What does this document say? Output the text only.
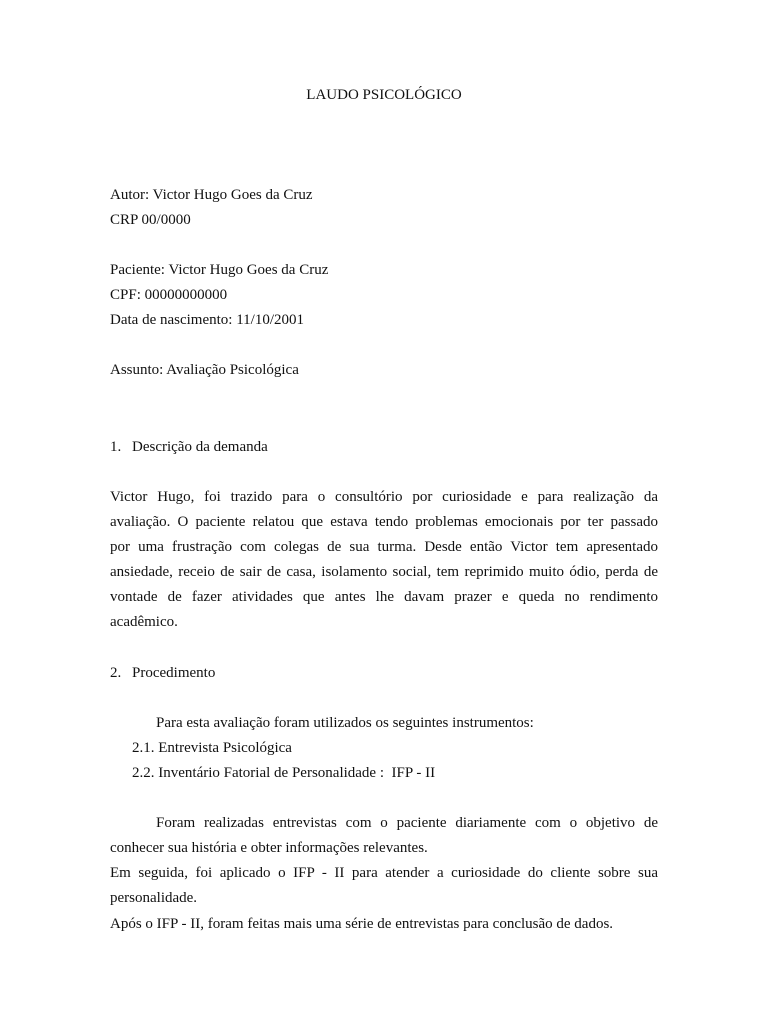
LAUDO PSICOLÓGICO
Autor: Victor Hugo Goes da Cruz
CRP 00/0000
Paciente: Victor Hugo Goes da Cruz
CPF: 00000000000
Data de nascimento: 11/10/2001
Assunto: Avaliação Psicológica
1. Descrição da demanda
Victor Hugo, foi trazido para o consultório por curiosidade e para realização da
avaliação. O paciente relatou que estava tendo problemas emocionais por ter passado
por uma frustração com colegas de sua turma. Desde então Victor tem apresentado
ansiedade, receio de sair de casa, isolamento social, tem reprimido muito ódio, perda de
vontade de fazer atividades que antes lhe davam prazer e queda no rendimento
acadêmico.
2. Procedimento
Para esta avaliação foram utilizados os seguintes instrumentos:
2.1. Entrevista Psicológica
2.2. Inventário Fatorial de Personalidade :  IFP - II
Foram realizadas entrevistas com o paciente diariamente com o objetivo de
conhecer sua história e obter informações relevantes.
Em seguida, foi aplicado o IFP - II para atender a curiosidade do cliente sobre sua
personalidade.
Após o IFP - II, foram feitas mais uma série de entrevistas para conclusão de dados.
